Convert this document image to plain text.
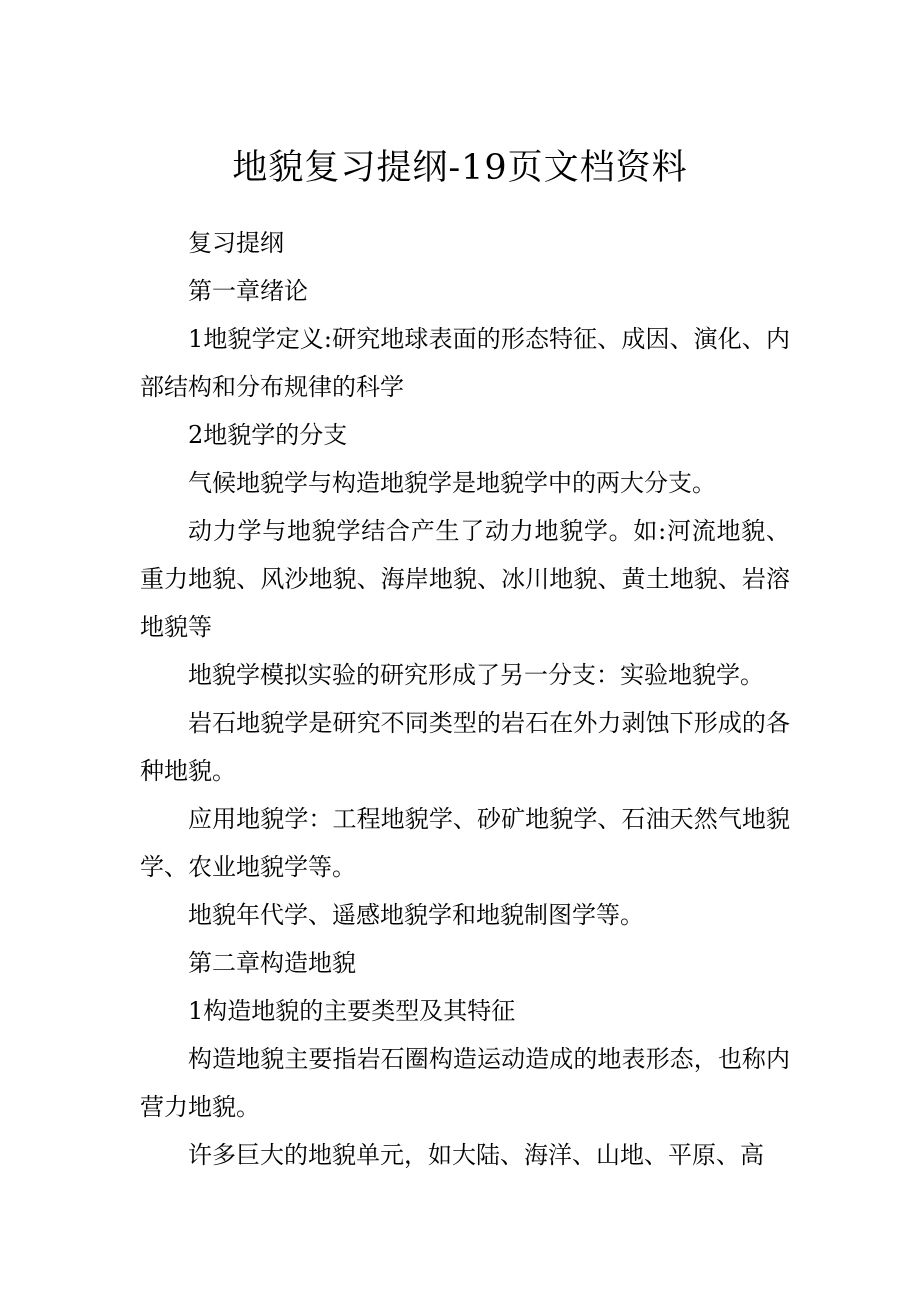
地貌复习提纲-19页文档资料

复习提纲

第一章绪论

1地貌学定义:研究地球表面的形态特征、成因、演化、内部结构和分布规律的科学

2地貌学的分支

气候地貌学与构造地貌学是地貌学中的两大分支。

动力学与地貌学结合产生了动力地貌学。如:河流地貌、重力地貌、风沙地貌、海岸地貌、冰川地貌、黄土地貌、岩溶地貌等

地貌学模拟实验的研究形成了另一分支：实验地貌学。

岩石地貌学是研究不同类型的岩石在外力剥蚀下形成的各种地貌。

应用地貌学：工程地貌学、砂矿地貌学、石油天然气地貌学、农业地貌学等。

地貌年代学、遥感地貌学和地貌制图学等。

第二章构造地貌

1构造地貌的主要类型及其特征

构造地貌主要指岩石圈构造运动造成的地表形态，也称内营力地貌。

许多巨大的地貌单元，如大陆、海洋、山地、平原、高
